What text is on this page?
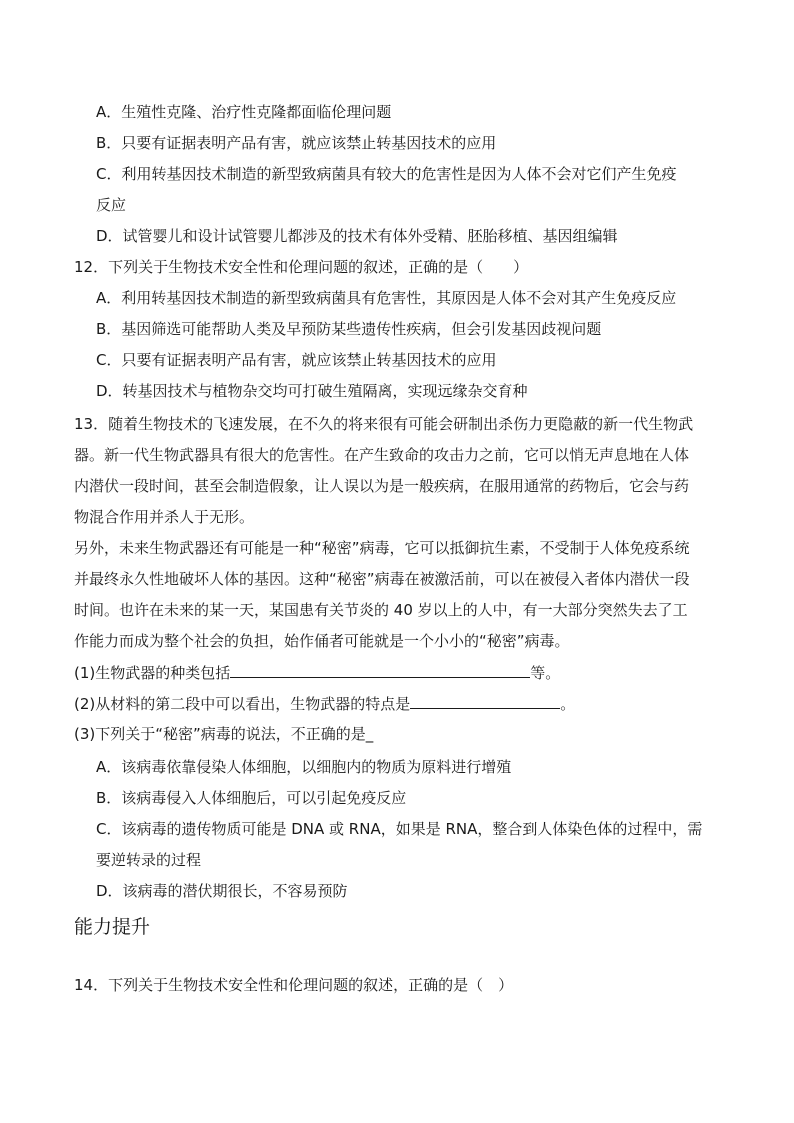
A．生殖性克隆、治疗性克隆都面临伦理问题
B．只要有证据表明产品有害，就应该禁止转基因技术的应用
C．利用转基因技术制造的新型致病菌具有较大的危害性是因为人体不会对它们产生免疫
反应
D．试管婴儿和设计试管婴儿都涉及的技术有体外受精、胚胎移植、基因组编辑
12．下列关于生物技术安全性和伦理问题的叙述，正确的是（　　）
A．利用转基因技术制造的新型致病菌具有危害性，其原因是人体不会对其产生免疫反应
B．基因筛选可能帮助人类及早预防某些遗传性疾病，但会引发基因歧视问题
C．只要有证据表明产品有害，就应该禁止转基因技术的应用
D．转基因技术与植物杂交均可打破生殖隔离，实现远缘杂交育种
13．随着生物技术的飞速发展，在不久的将来很有可能会研制出杀伤力更隐蔽的新一代生物武
器。新一代生物武器具有很大的危害性。在产生致命的攻击力之前，它可以悄无声息地在人体
内潜伏一段时间，甚至会制造假象，让人误以为是一般疾病，在服用通常的药物后，它会与药
物混合作用并杀人于无形。
另外，未来生物武器还有可能是一种“秘密”病毒，它可以抵御抗生素，不受制于人体免疫系统
并最终永久性地破坏人体的基因。这种“秘密”病毒在被激活前，可以在被侵入者体内潜伏一段
时间。也许在未来的某一天，某国患有关节炎的 40 岁以上的人中，有一大部分突然失去了工
作能力而成为整个社会的负担，始作俑者可能就是一个小小的“秘密”病毒。
(1)生物武器的种类包括	等。
(2)从材料的第二段中可以看出，生物武器的特点是	。
(3)下列关于“秘密”病毒的说法，不正确的是_
A．该病毒依靠侵染人体细胞，以细胞内的物质为原料进行增殖
B．该病毒侵入人体细胞后，可以引起免疫反应
C．该病毒的遗传物质可能是 DNA 或 RNA，如果是 RNA，整合到人体染色体的过程中，需
要逆转录的过程
D．该病毒的潜伏期很长，不容易预防
能力提升
14．下列关于生物技术安全性和伦理问题的叙述，正确的是（　）
